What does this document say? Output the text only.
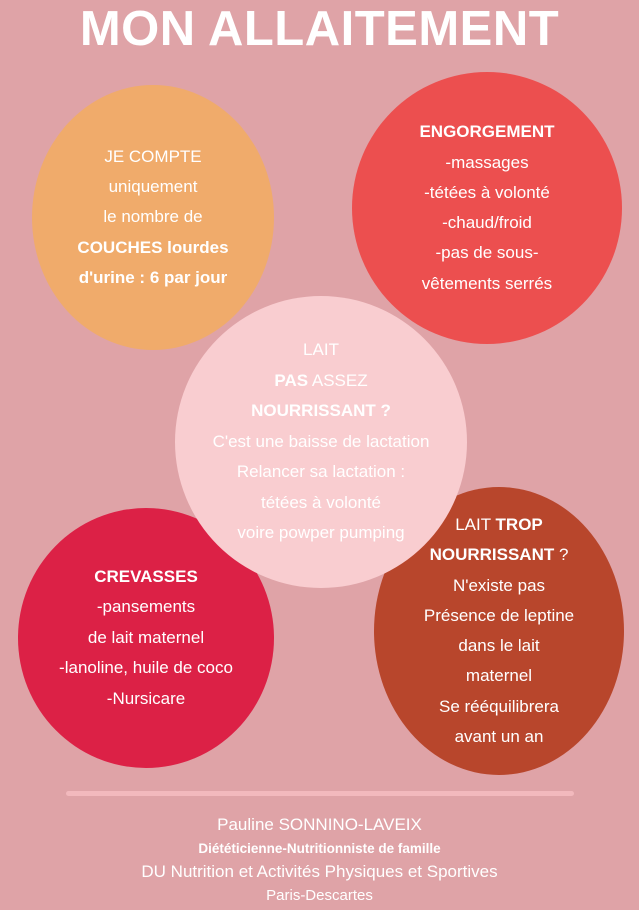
MON ALLAITEMENT
JE COMPTE
uniquement
le nombre de
COUCHES lourdes
d'urine : 6 par jour
ENGORGEMENT
-massages
-tétées à volonté
-chaud/froid
-pas de sous-
vêtements serrés
LAIT
PAS ASSEZ
NOURRISSANT ?
C'est une baisse de lactation
Relancer sa lactation :
tétées à volonté
voire powper pumping
CREVASSES
-pansements
de lait maternel
-lanoline, huile de coco
-Nursicare
LAIT TROP
NOURRISSANT ?
N'existe pas
Présence de leptine
dans le lait
maternel
Se rééquilibrera
avant un an
Pauline SONNINO-LAVEIX
Diététicienne-Nutritionniste de famille
DU Nutrition et Activités Physiques et Sportives
Paris-Descartes
